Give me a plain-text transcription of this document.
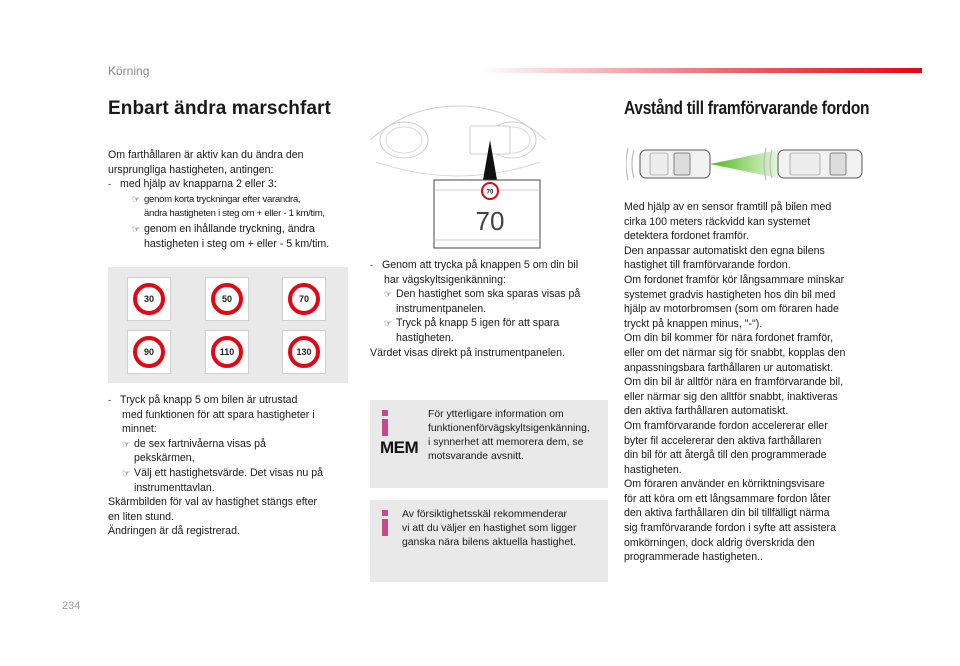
Körning
Enbart ändra marschfart

Om farthållaren är aktiv kan du ändra den

ursprungliga hastigheten, antingen:

- med hjälp av knapparna 2 eller 3:

☞ genom korta tryckningar efter varandra,

ändra hastigheten i steg om + eller - 1 km/tim,

☞ genom en ihållande tryckning, ändra

hastigheten i steg om + eller - 5 km/tim.

30	50	70
90	110	130

- Tryck på knapp 5 om bilen är utrustad

med funktionen för att spara hastigheter i

minnet:

☞ de sex fartnivåerna visas på

pekskärmen,

☞ Välj ett hastighetsvärde. Det visas nu på

instrumenttavlan.

Skärmbilden för val av hastighet stängs efter

en liten stund.

Ändringen är då registrerad.

70
70

- Genom att trycka på knappen 5 om din bil

har vägskyltsigenkänning:

☞ Den hastighet som ska sparas visas på

instrumentpanelen.

☞ Tryck på knapp 5 igen för att spara

hastigheten.

Värdet visas direkt på instrumentpanelen.

MEM
För ytterligare information om
funktionenförvägskyltsigenkänning,
i synnerhet att memorera dem, se
motsvarande avsnitt.
Av försiktighetsskäl rekommenderar
vi att du väljer en hastighet som ligger
ganska nära bilens aktuella hastighet.
Avstånd till framförvarande fordon

Med hjälp av en sensor framtill på bilen med

cirka 100 meters räckvidd kan systemet

detektera fordonet framför.

Den anpassar automatiskt den egna bilens

hastighet till framförvarande fordon.

Om fordonet framför kör långsammare minskar

systemet gradvis hastigheten hos din bil med

hjälp av motorbromsen (som om föraren hade

tryckt på knappen minus, "-").

Om din bil kommer för nära fordonet framför,

eller om det närmar sig för snabbt, kopplas den

anpassningsbara farthållaren ur automatiskt.

Om din bil är alltför nära en framförvarande bil,

eller närmar sig den alltför snabbt, inaktiveras

den aktiva farthållaren automatiskt.

Om framförvarande fordon accelererar eller

byter fil accelererar den aktiva farthållaren

din bil för att återgå till den programmerade

hastigheten.

Om föraren använder en körriktningsvisare

för att köra om ett långsammare fordon låter

den aktiva farthållaren din bil tillfälligt närma

sig framförvarande fordon i syfte att assistera

omkörningen, dock aldrig överskrida den

programmerade hastigheten..

234
